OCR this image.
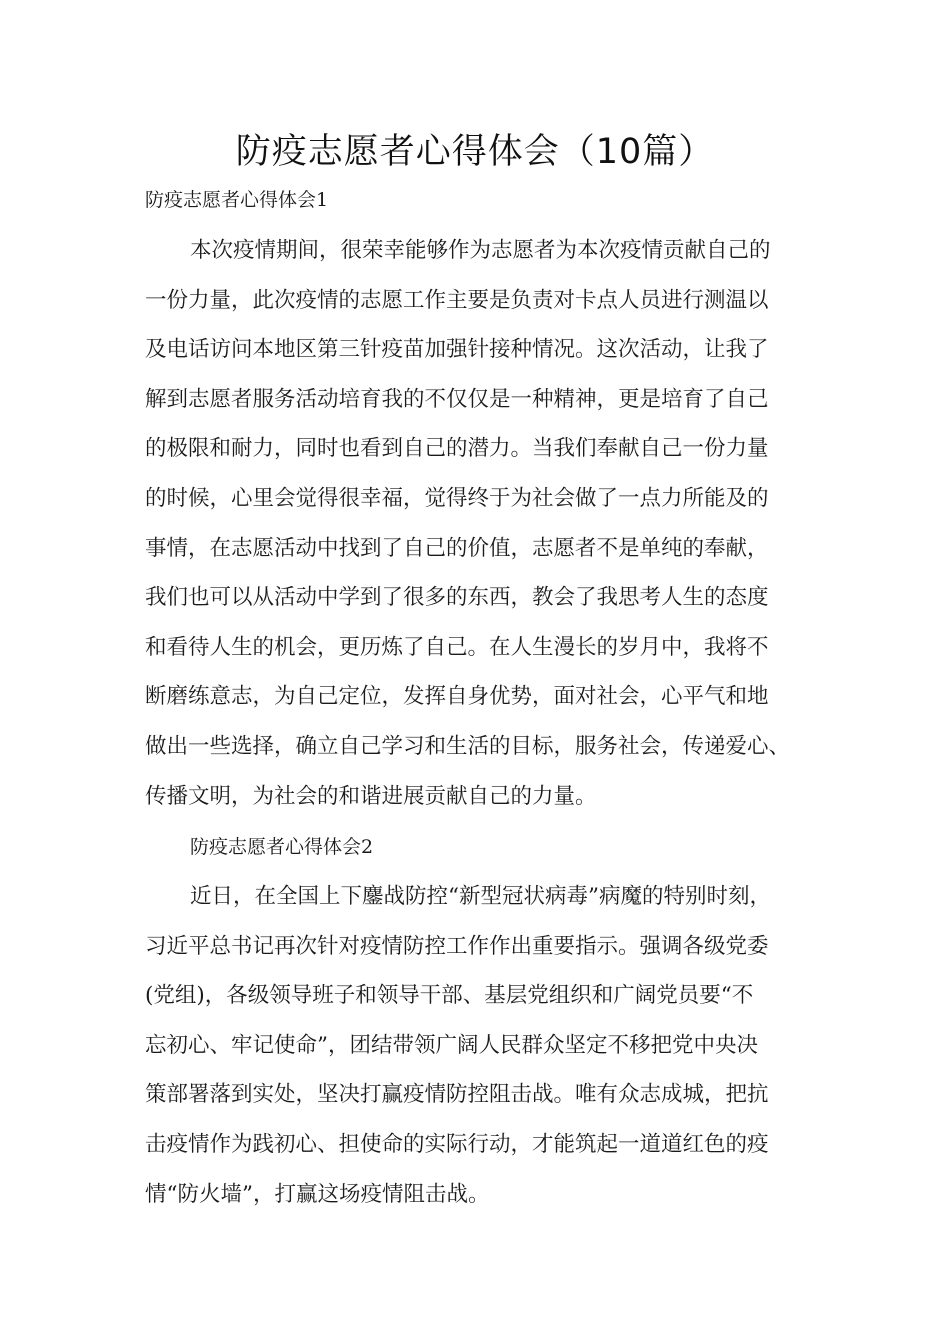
防疫志愿者心得体会（10篇）
防疫志愿者心得体会1
本次疫情期间，很荣幸能够作为志愿者为本次疫情贡献自己的
一份力量，此次疫情的志愿工作主要是负责对卡点人员进行测温以
及电话访问本地区第三针疫苗加强针接种情况。这次活动，让我了
解到志愿者服务活动培育我的不仅仅是一种精神，更是培育了自己
的极限和耐力，同时也看到自己的潜力。当我们奉献自己一份力量
的时候，心里会觉得很幸福，觉得终于为社会做了一点力所能及的
事情，在志愿活动中找到了自己的价值，志愿者不是单纯的奉献，
我们也可以从活动中学到了很多的东西，教会了我思考人生的态度
和看待人生的机会，更历炼了自己。在人生漫长的岁月中，我将不
断磨练意志，为自己定位，发挥自身优势，面对社会，心平气和地
做出一些选择，确立自己学习和生活的目标，服务社会，传递爱心、
传播文明，为社会的和谐进展贡献自己的力量。
防疫志愿者心得体会2
近日，在全国上下鏖战防控“新型冠状病毒”病魔的特别时刻，
习近平总书记再次针对疫情防控工作作出重要指示。强调各级党委
(党组)，各级领导班子和领导干部、基层党组织和广阔党员要“不
忘初心、牢记使命”，团结带领广阔人民群众坚定不移把党中央决
策部署落到实处，坚决打赢疫情防控阻击战。唯有众志成城，把抗
击疫情作为践初心、担使命的实际行动，才能筑起一道道红色的疫
情“防火墙”，打赢这场疫情阻击战。
